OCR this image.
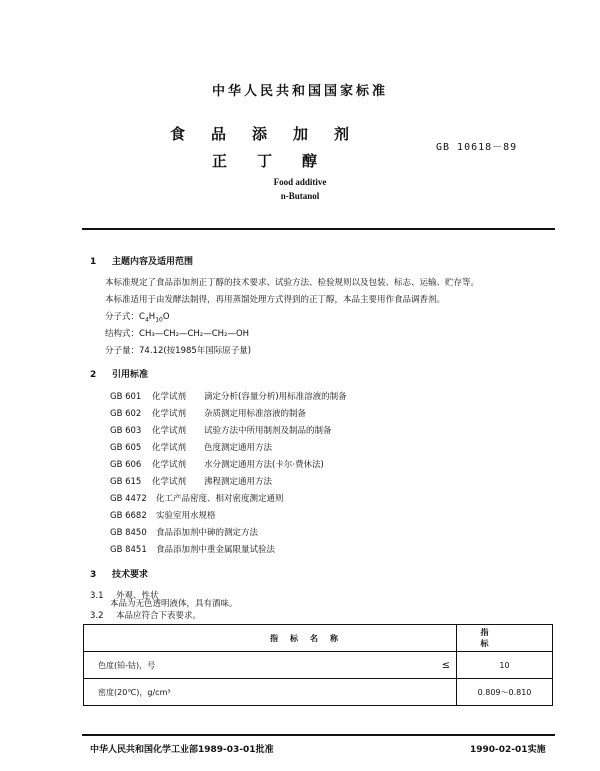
中华人民共和国国家标准
食品添加剂
正丁醇
GB 10618－89
Food additive
n-Butanol
1 主题内容及适用范围
本标准规定了食品添加剂正丁醇的技术要求、试验方法、检验规则以及包装、标志、运输、贮存等。
本标准适用于由发酵法制得，再用蒸馏处理方式得到的正丁醇，本品主要用作食品调香剂。
分子式：$C_4H_{10}O$
结构式：CH₃—CH₂—CH₂—CH₂—OH
分子量：74.12(按1985年国际原子量)
2 引用标准
GB 601 化学试剂 滴定分析(容量分析)用标准溶液的制备
GB 602 化学试剂 杂质测定用标准溶液的制备
GB 603 化学试剂 试验方法中所用制剂及制品的制备
GB 605 化学试剂 色度测定通用方法
GB 606 化学试剂 水分测定通用方法(卡尔·费休法)
GB 615 化学试剂 沸程测定通用方法
GB 4472 化工产品密度、相对密度测定通则
GB 6682 实验室用水规格
GB 8450 食品添加剂中砷的测定方法
GB 8451 食品添加剂中重金属限量试验法
3 技术要求
3.1 外观、性状
本品为无色透明液体，具有酒味。
3.2 本品应符合下表要求。
指标名称		指标
色度(铂-钴)，号	≤	10
密度(20℃)，g/cm³		0.809～0.810
中华人民共和国化学工业部1989-03-01批准	1990-02-01实施
